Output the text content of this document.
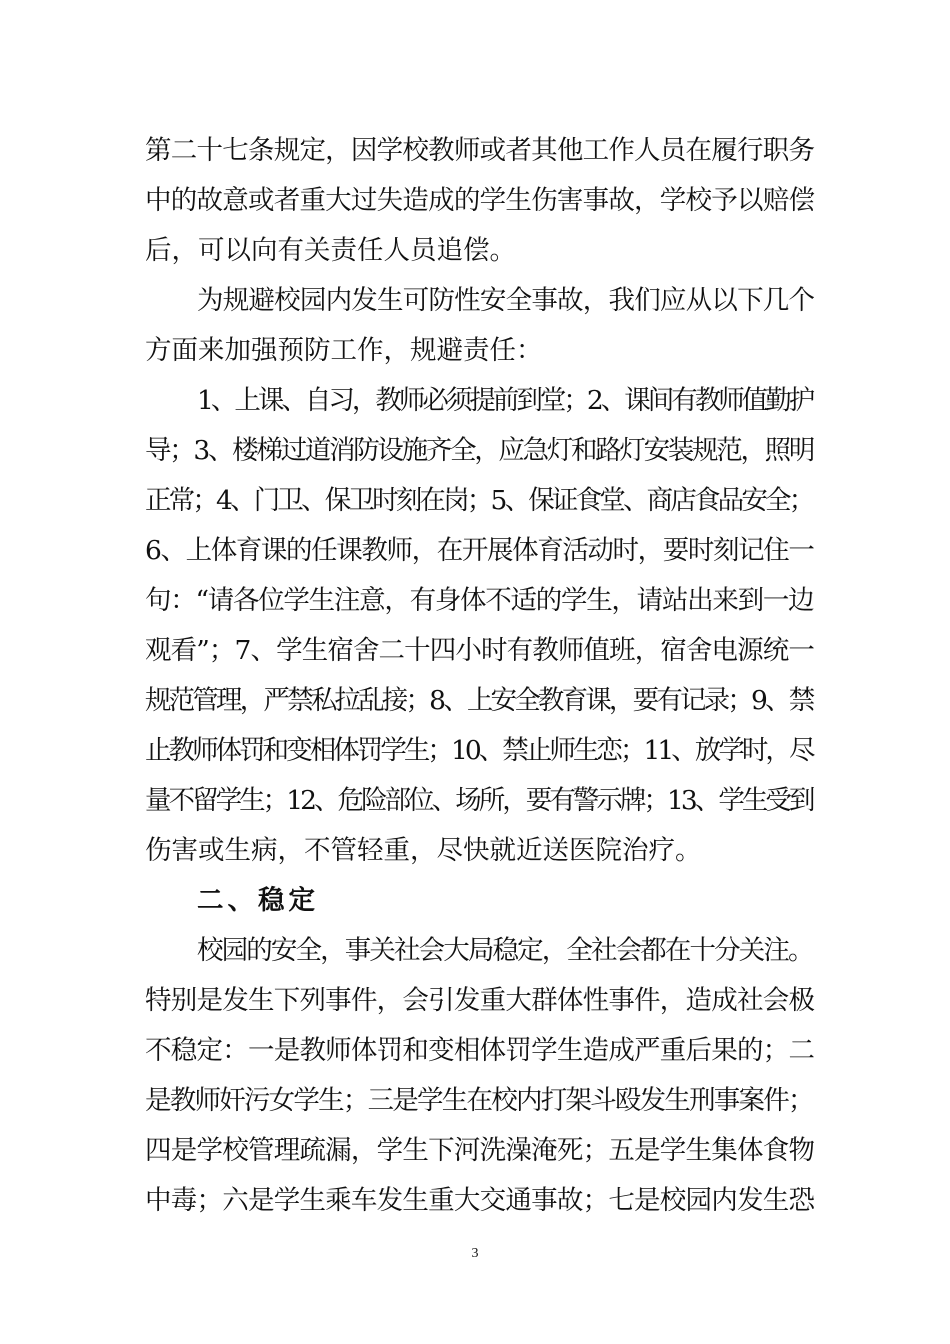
第二十七条规定，因学校教师或者其他工作人员在履行职务
中的故意或者重大过失造成的学生伤害事故，学校予以赔偿
后，可以向有关责任人员追偿。
为规避校园内发生可防性安全事故，我们应从以下几个
方面来加强预防工作，规避责任：
1、上课、自习，教师必须提前到堂；2、课间有教师值勤护
导；3、楼梯过道消防设施齐全，应急灯和路灯安装规范，照明
正常；4、门卫、保卫时刻在岗；5、保证食堂、商店食品安全；
6、上体育课的任课教师，在开展体育活动时，要时刻记住一
句：“请各位学生注意，有身体不适的学生，请站出来到一边
观看”；7、学生宿舍二十四小时有教师值班，宿舍电源统一
规范管理，严禁私拉乱接；8、上安全教育课，要有记录；9、禁
止教师体罚和变相体罚学生；10、禁止师生恋；11、放学时，尽
量不留学生；12、危险部位、场所，要有警示牌；13、学生受到
伤害或生病，不管轻重，尽快就近送医院治疗。
二、稳定
校园的安全，事关社会大局稳定，全社会都在十分关注。
特别是发生下列事件，会引发重大群体性事件，造成社会极
不稳定：一是教师体罚和变相体罚学生造成严重后果的；二
是教师奸污女学生；三是学生在校内打架斗殴发生刑事案件；
四是学校管理疏漏，学生下河洗澡淹死；五是学生集体食物
中毒；六是学生乘车发生重大交通事故；七是校园内发生恐
3
